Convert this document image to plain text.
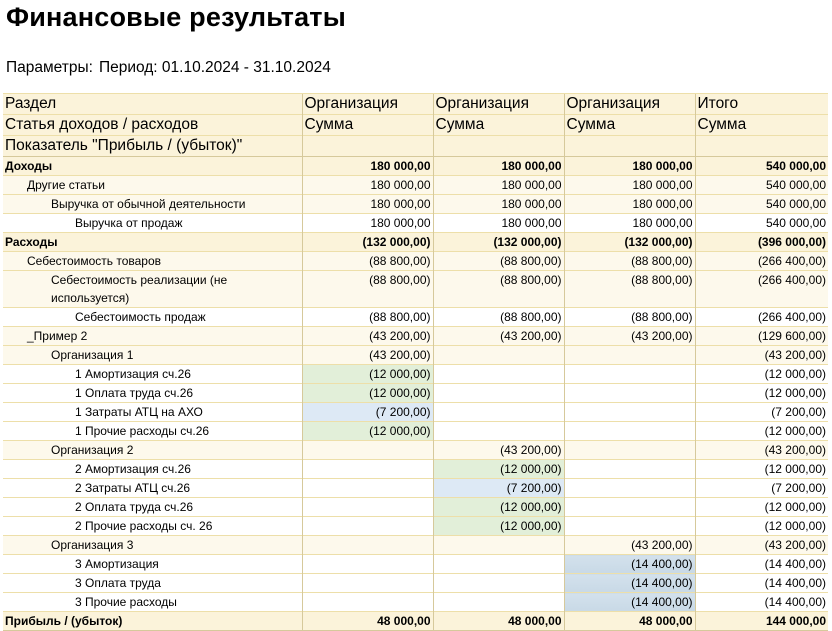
Финансовые результаты
Параметры: Период: 01.10.2024 - 31.10.2024
Раздел	Организация	Организация	Организация	Итого
Статья доходов / расходов	Сумма	Сумма	Сумма	Сумма
Показатель "Прибыль / (убыток)"				
Доходы	180 000,00	180 000,00	180 000,00	540 000,00
Другие статьи	180 000,00	180 000,00	180 000,00	540 000,00
Выручка от обычной деятельности	180 000,00	180 000,00	180 000,00	540 000,00
Выручка от продаж	180 000,00	180 000,00	180 000,00	540 000,00
Расходы	(132 000,00)	(132 000,00)	(132 000,00)	(396 000,00)
Себестоимость товаров	(88 800,00)	(88 800,00)	(88 800,00)	(266 400,00)
Себестоимость реализации (не используется)	(88 800,00)	(88 800,00)	(88 800,00)	(266 400,00)
Себестоимость продаж	(88 800,00)	(88 800,00)	(88 800,00)	(266 400,00)
_Пример 2	(43 200,00)	(43 200,00)	(43 200,00)	(129 600,00)
Организация 1	(43 200,00)			(43 200,00)
1 Амортизация сч.26	(12 000,00)			(12 000,00)
1 Оплата труда сч.26	(12 000,00)			(12 000,00)
1 Затраты АТЦ на АХО	(7 200,00)			(7 200,00)
1 Прочие расходы сч.26	(12 000,00)			(12 000,00)
Организация 2		(43 200,00)		(43 200,00)
2 Амортизация сч.26		(12 000,00)		(12 000,00)
2 Затраты АТЦ сч.26		(7 200,00)		(7 200,00)
2 Оплата труда сч.26		(12 000,00)		(12 000,00)
2 Прочие расходы сч. 26		(12 000,00)		(12 000,00)
Организация 3			(43 200,00)	(43 200,00)
3 Амортизация			(14 400,00)	(14 400,00)
3 Оплата труда			(14 400,00)	(14 400,00)
3 Прочие расходы			(14 400,00)	(14 400,00)
Прибыль / (убыток)	48 000,00	48 000,00	48 000,00	144 000,00
